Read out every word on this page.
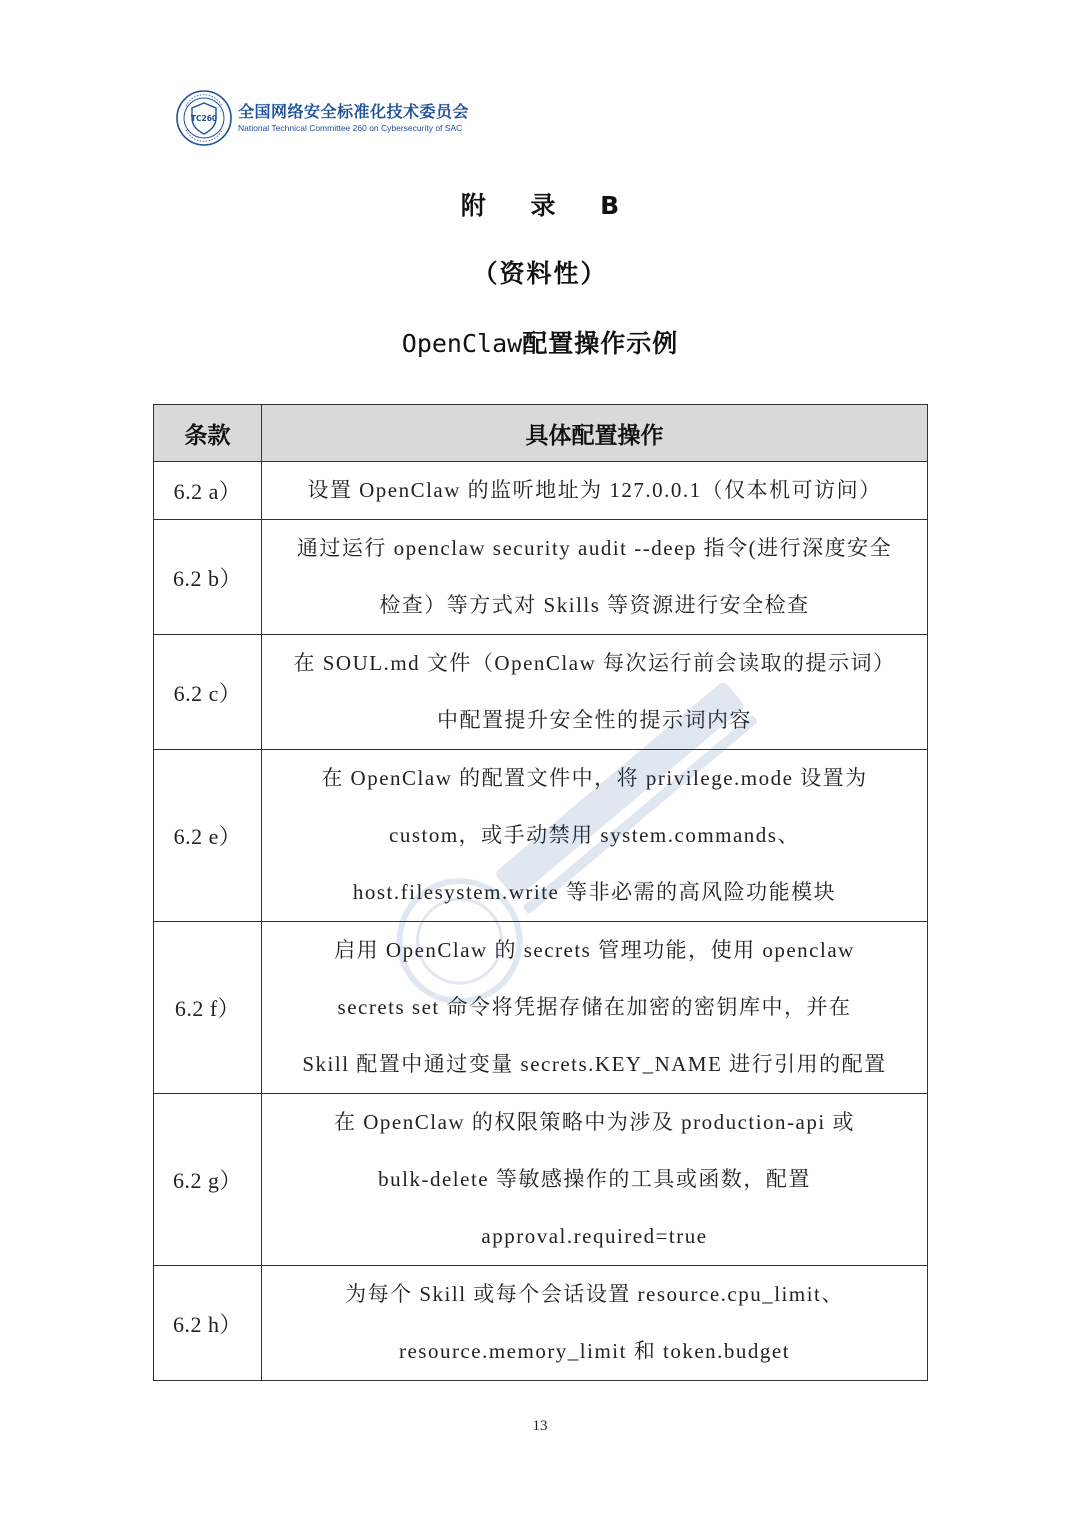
TC260 全国网络安全标准化技术委员会
National Technical Committee 260 on Cybersecurity of SAC
附 录 B
（资料性）
OpenClaw配置操作示例
条款	具体配置操作
6.2 a）	设置 OpenClaw 的监听地址为 127.0.0.1（仅本机可访问）

6.2 b）	通过运行 openclaw security audit --deep 指令(进行深度安全
检查）等方式对 Skills 等资源进行安全检查

6.2 c）	在 SOUL.md 文件（OpenClaw 每次运行前会读取的提示词）
中配置提升安全性的提示词内容

6.2 e）	在 OpenClaw 的配置文件中，将 privilege.mode 设置为
custom，或手动禁用 system.commands、
host.filesystem.write 等非必需的高风险功能模块

6.2 f）	启用 OpenClaw 的 secrets 管理功能，使用 openclaw
secrets set 命令将凭据存储在加密的密钥库中，并在
Skill 配置中通过变量 secrets.KEY_NAME 进行引用的配置

6.2 g）	在 OpenClaw 的权限策略中为涉及 production-api 或
bulk-delete 等敏感操作的工具或函数，配置
approval.required=true

6.2 h）	为每个 Skill 或每个会话设置 resource.cpu_limit、
resource.memory_limit 和 token.budget
13
